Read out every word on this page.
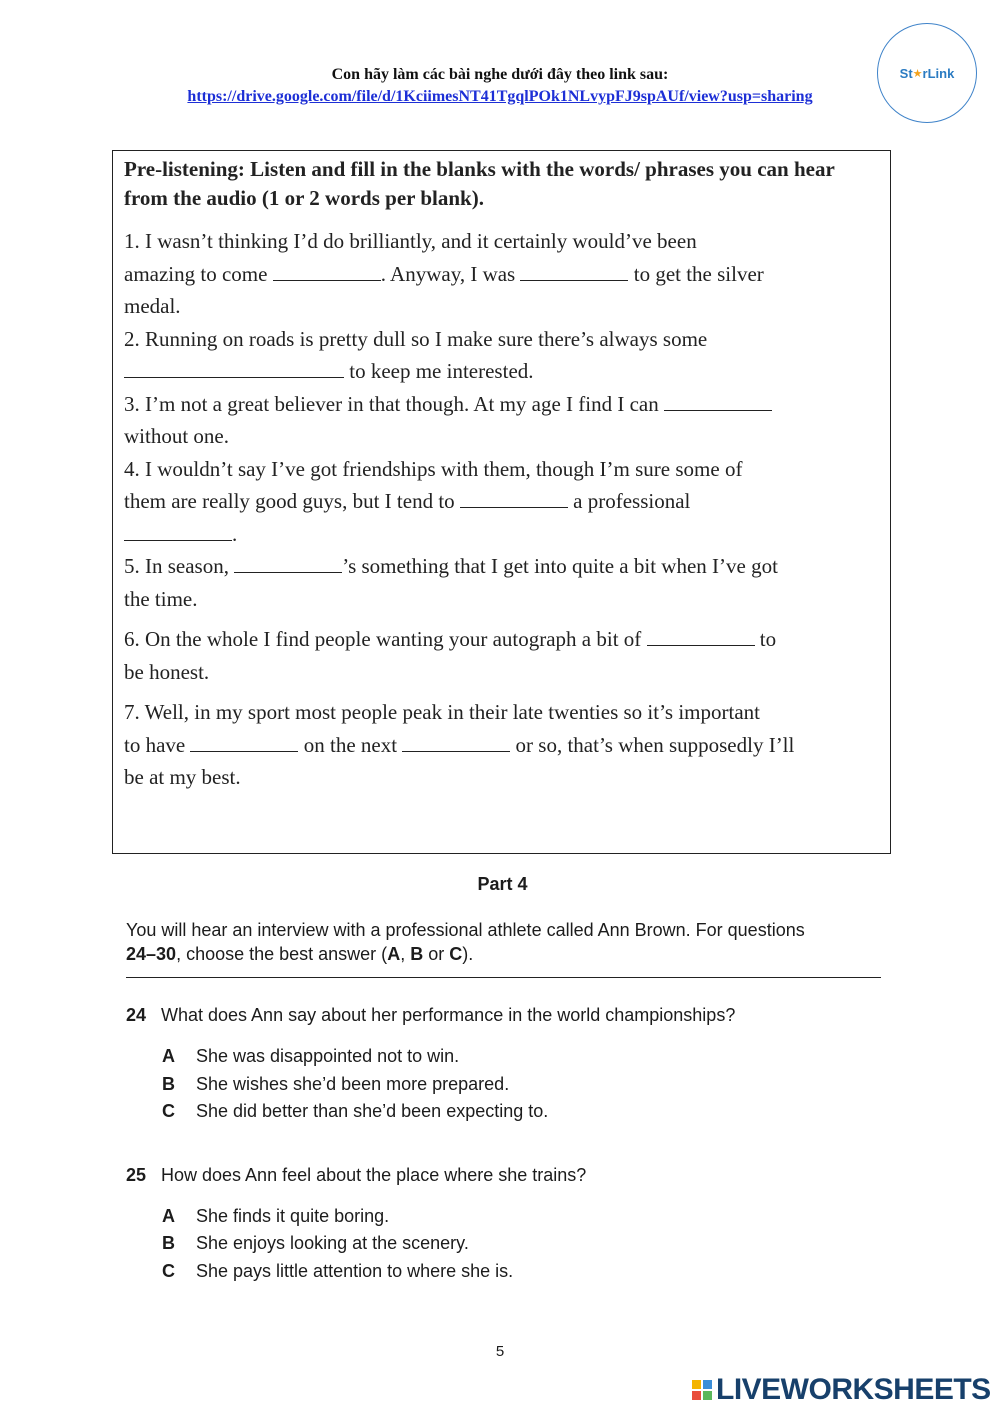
Con hãy làm các bài nghe dưới đây theo link sau:
https://drive.google.com/file/d/1KciimesNT41TgqlPOk1NLvypFJ9spAUf/view?usp=sharing
St ★ rLink
Pre-listening: Listen and fill in the blanks with the words/ phrases you can hear from the audio (1 or 2 words per blank).

1. I wasn’t thinking I’d do brilliantly, and it certainly would’ve been

amazing to come	. Anyway, I was	to get the silver

medal.

2. Running on roads is pretty dull so I make sure there’s always some

to keep me interested.

3. I’m not a great believer in that though. At my age I find I can

without one.

4. I wouldn’t say I’ve got friendships with them, though I’m sure some of

them are really good guys, but I tend to	a professional

.

5. In season,	’s something that I get into quite a bit when I’ve got

the time.

6. On the whole I find people wanting your autograph a bit of	to

be honest.

7. Well, in my sport most people peak in their late twenties so it’s important

to have	on the next	or so, that’s when supposedly I’ll

be at my best.

Part 4
You will hear an interview with a professional athlete called Ann Brown. For questions
24–30, choose the best answer (A, B or C).
24 What does Ann say about her performance in the world championships?
A She was disappointed not to win.
B She wishes she’d been more prepared.
C She did better than she’d been expecting to.
25 How does Ann feel about the place where she trains?
A She finds it quite boring.
B She enjoys looking at the scenery.
C She pays little attention to where she is.
5
LIVEWORKSHEETS
